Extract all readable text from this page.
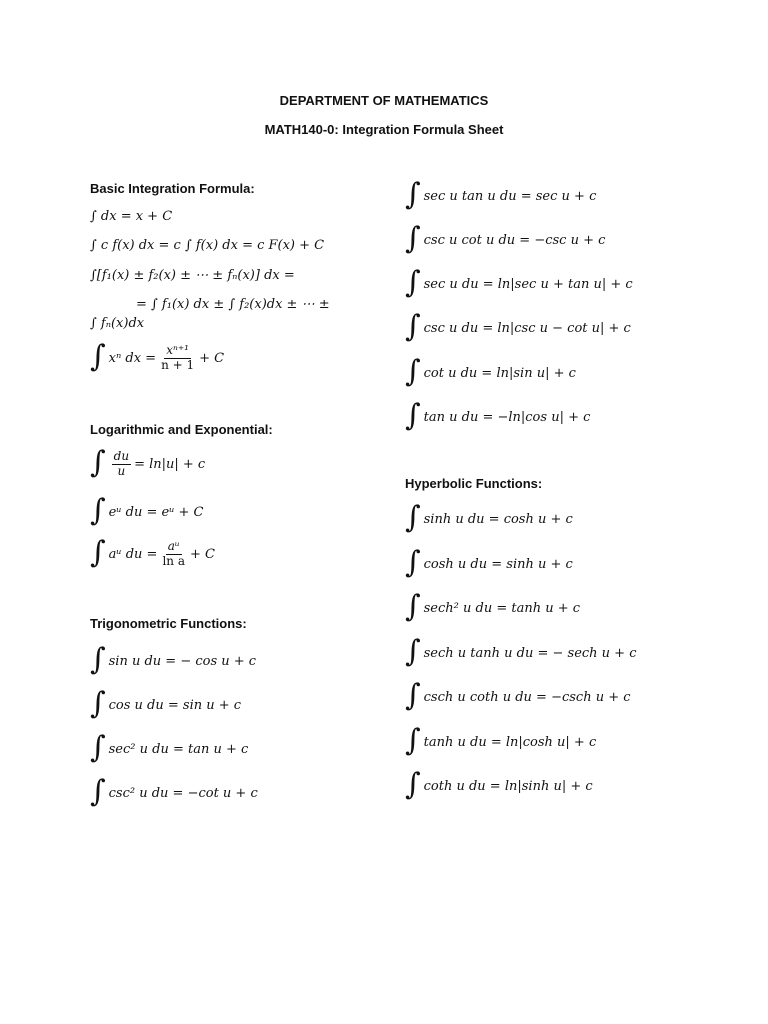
DEPARTMENT OF MATHEMATICS
MATH140-0: Integration Formula Sheet
Basic Integration Formula:
∫ dx = x + C
∫ c f(x) dx = c ∫ f(x) dx = c F(x) + C
∫[f₁(x) ± f₂(x) ± ⋯ ± fₙ(x)] dx =
= ∫ f₁(x) dx ± ∫ f₂(x)dx ± ⋯ ±
∫ fₙ(x)dx
∫ xⁿ dx = $\frac{\text{xⁿ⁺¹}}{n + 1} + C$
Logarithmic and Exponential:
∫ $\frac{du}{u} = \ln|u| + c$
∫ eᵘ du = eᵘ + C
∫ aᵘ du = $\frac{\text{aᵘ}}{\text{ln a}} + C$
Trigonometric Functions:
∫ sin u du = − cos u + c
∫ cos u du = sin u + c
∫ sec² u du = tan u + c
∫ csc² u du = −cot u + c
∫ sec u tan u du = sec u + c
∫ csc u cot u du = −csc u + c
∫ sec u du = ln|sec u + tan u| + c
∫ csc u du = ln|csc u − cot u| + c
∫ cot u du = ln|sin u| + c
∫ tan u du = −ln|cos u| + c
Hyperbolic Functions:
∫ sinh u du = cosh u + c
∫ cosh u du = sinh u + c
∫ sech² u du = tanh u + c
∫ sech u tanh u du = − sech u + c
∫ csch u coth u du = −csch u + c
∫ tanh u du = ln|cosh u| + c
∫ coth u du = ln|sinh u| + c
